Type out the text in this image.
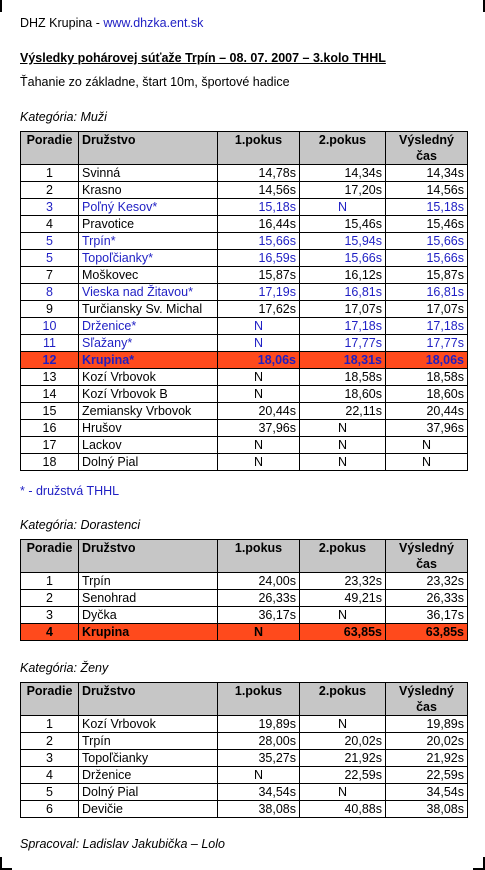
DHZ Krupina - www.dhzka.ent.sk
Výsledky pohárovej súťaže Trpín – 08. 07. 2007 – 3.kolo THHL
Ťahanie zo základne, štart 10m, športové hadice
Kategória: Muži
Poradie	Družstvo	1.pokus	2.pokus	Výsledný čas
1	Svinná	14,78s	14,34s	14,34s
2	Krasno	14,56s	17,20s	14,56s
3	Poľný Kesov*	15,18s	N	15,18s
4	Pravotice	16,44s	15,46s	15,46s
5	Trpín*	15,66s	15,94s	15,66s
5	Topoľčianky*	16,59s	15,66s	15,66s
7	Moškovec	15,87s	16,12s	15,87s
8	Vieska nad Žitavou*	17,19s	16,81s	16,81s
9	Turčiansky Sv. Michal	17,62s	17,07s	17,07s
10	Drženice*	N	17,18s	17,18s
11	Sľažany*	N	17,77s	17,77s
12	Krupina*	18,06s	18,31s	18,06s
13	Kozí Vrbovok	N	18,58s	18,58s
14	Kozí Vrbovok B	N	18,60s	18,60s
15	Zemiansky Vrbovok	20,44s	22,11s	20,44s
16	Hrušov	37,96s	N	37,96s
17	Lackov	N	N	N
18	Dolný Pial	N	N	N
* - družstvá THHL
Kategória: Dorastenci
Poradie	Družstvo	1.pokus	2.pokus	Výsledný čas
1	Trpín	24,00s	23,32s	23,32s
2	Senohrad	26,33s	49,21s	26,33s
3	Dyčka	36,17s	N	36,17s
4	Krupina	N	63,85s	63,85s
Kategória: Ženy
Poradie	Družstvo	1.pokus	2.pokus	Výsledný čas
1	Kozí Vrbovok	19,89s	N	19,89s
2	Trpín	28,00s	20,02s	20,02s
3	Topoľčianky	35,27s	21,92s	21,92s
4	Drženice	N	22,59s	22,59s
5	Dolný Pial	34,54s	N	34,54s
6	Devičie	38,08s	40,88s	38,08s
Spracoval: Ladislav Jakubička – Lolo
